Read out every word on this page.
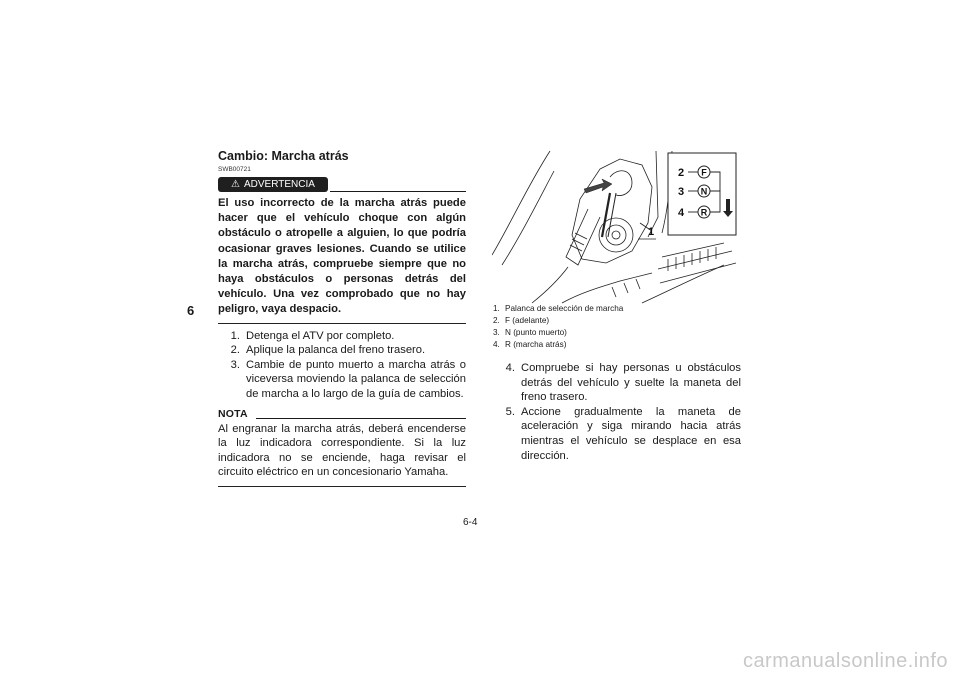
6

Cambio: Marcha atrás

SWB00721
⚠ ADVERTENCIA

El uso incorrecto de la marcha atrás puede hacer que el vehículo choque con algún obstáculo o atropelle a alguien, lo que podría ocasionar graves lesiones. Cuando se utilice la marcha atrás, compruebe siempre que no haya obstáculos o personas detrás del vehículo. Una vez comprobado que no hay peligro, vaya despacio.

1. Detenga el ATV por completo.
2. Aplique la palanca del freno trasero.
3. Cambie de punto muerto a marcha atrás o viceversa moviendo la palanca de selección de marcha a lo largo de la guía de cambios.
NOTA

Al engranar la marcha atrás, deberá encenderse la luz indicadora correspondiente. Si la luz indicadora no se enciende, haga revisar el circuito eléctrico en un concesionario Yamaha.

1
2
3
4
F
N
R
1. Palanca de selección de marcha
2. F (adelante)
3. N (punto muerto)
4. R (marcha atrás)
4. Compruebe si hay personas u obstáculos detrás del vehículo y suelte la maneta del freno trasero.
5. Accione gradualmente la maneta de aceleración y siga mirando hacia atrás mientras el vehículo se desplace en esa dirección.
6-4
carmanualsonline.info
